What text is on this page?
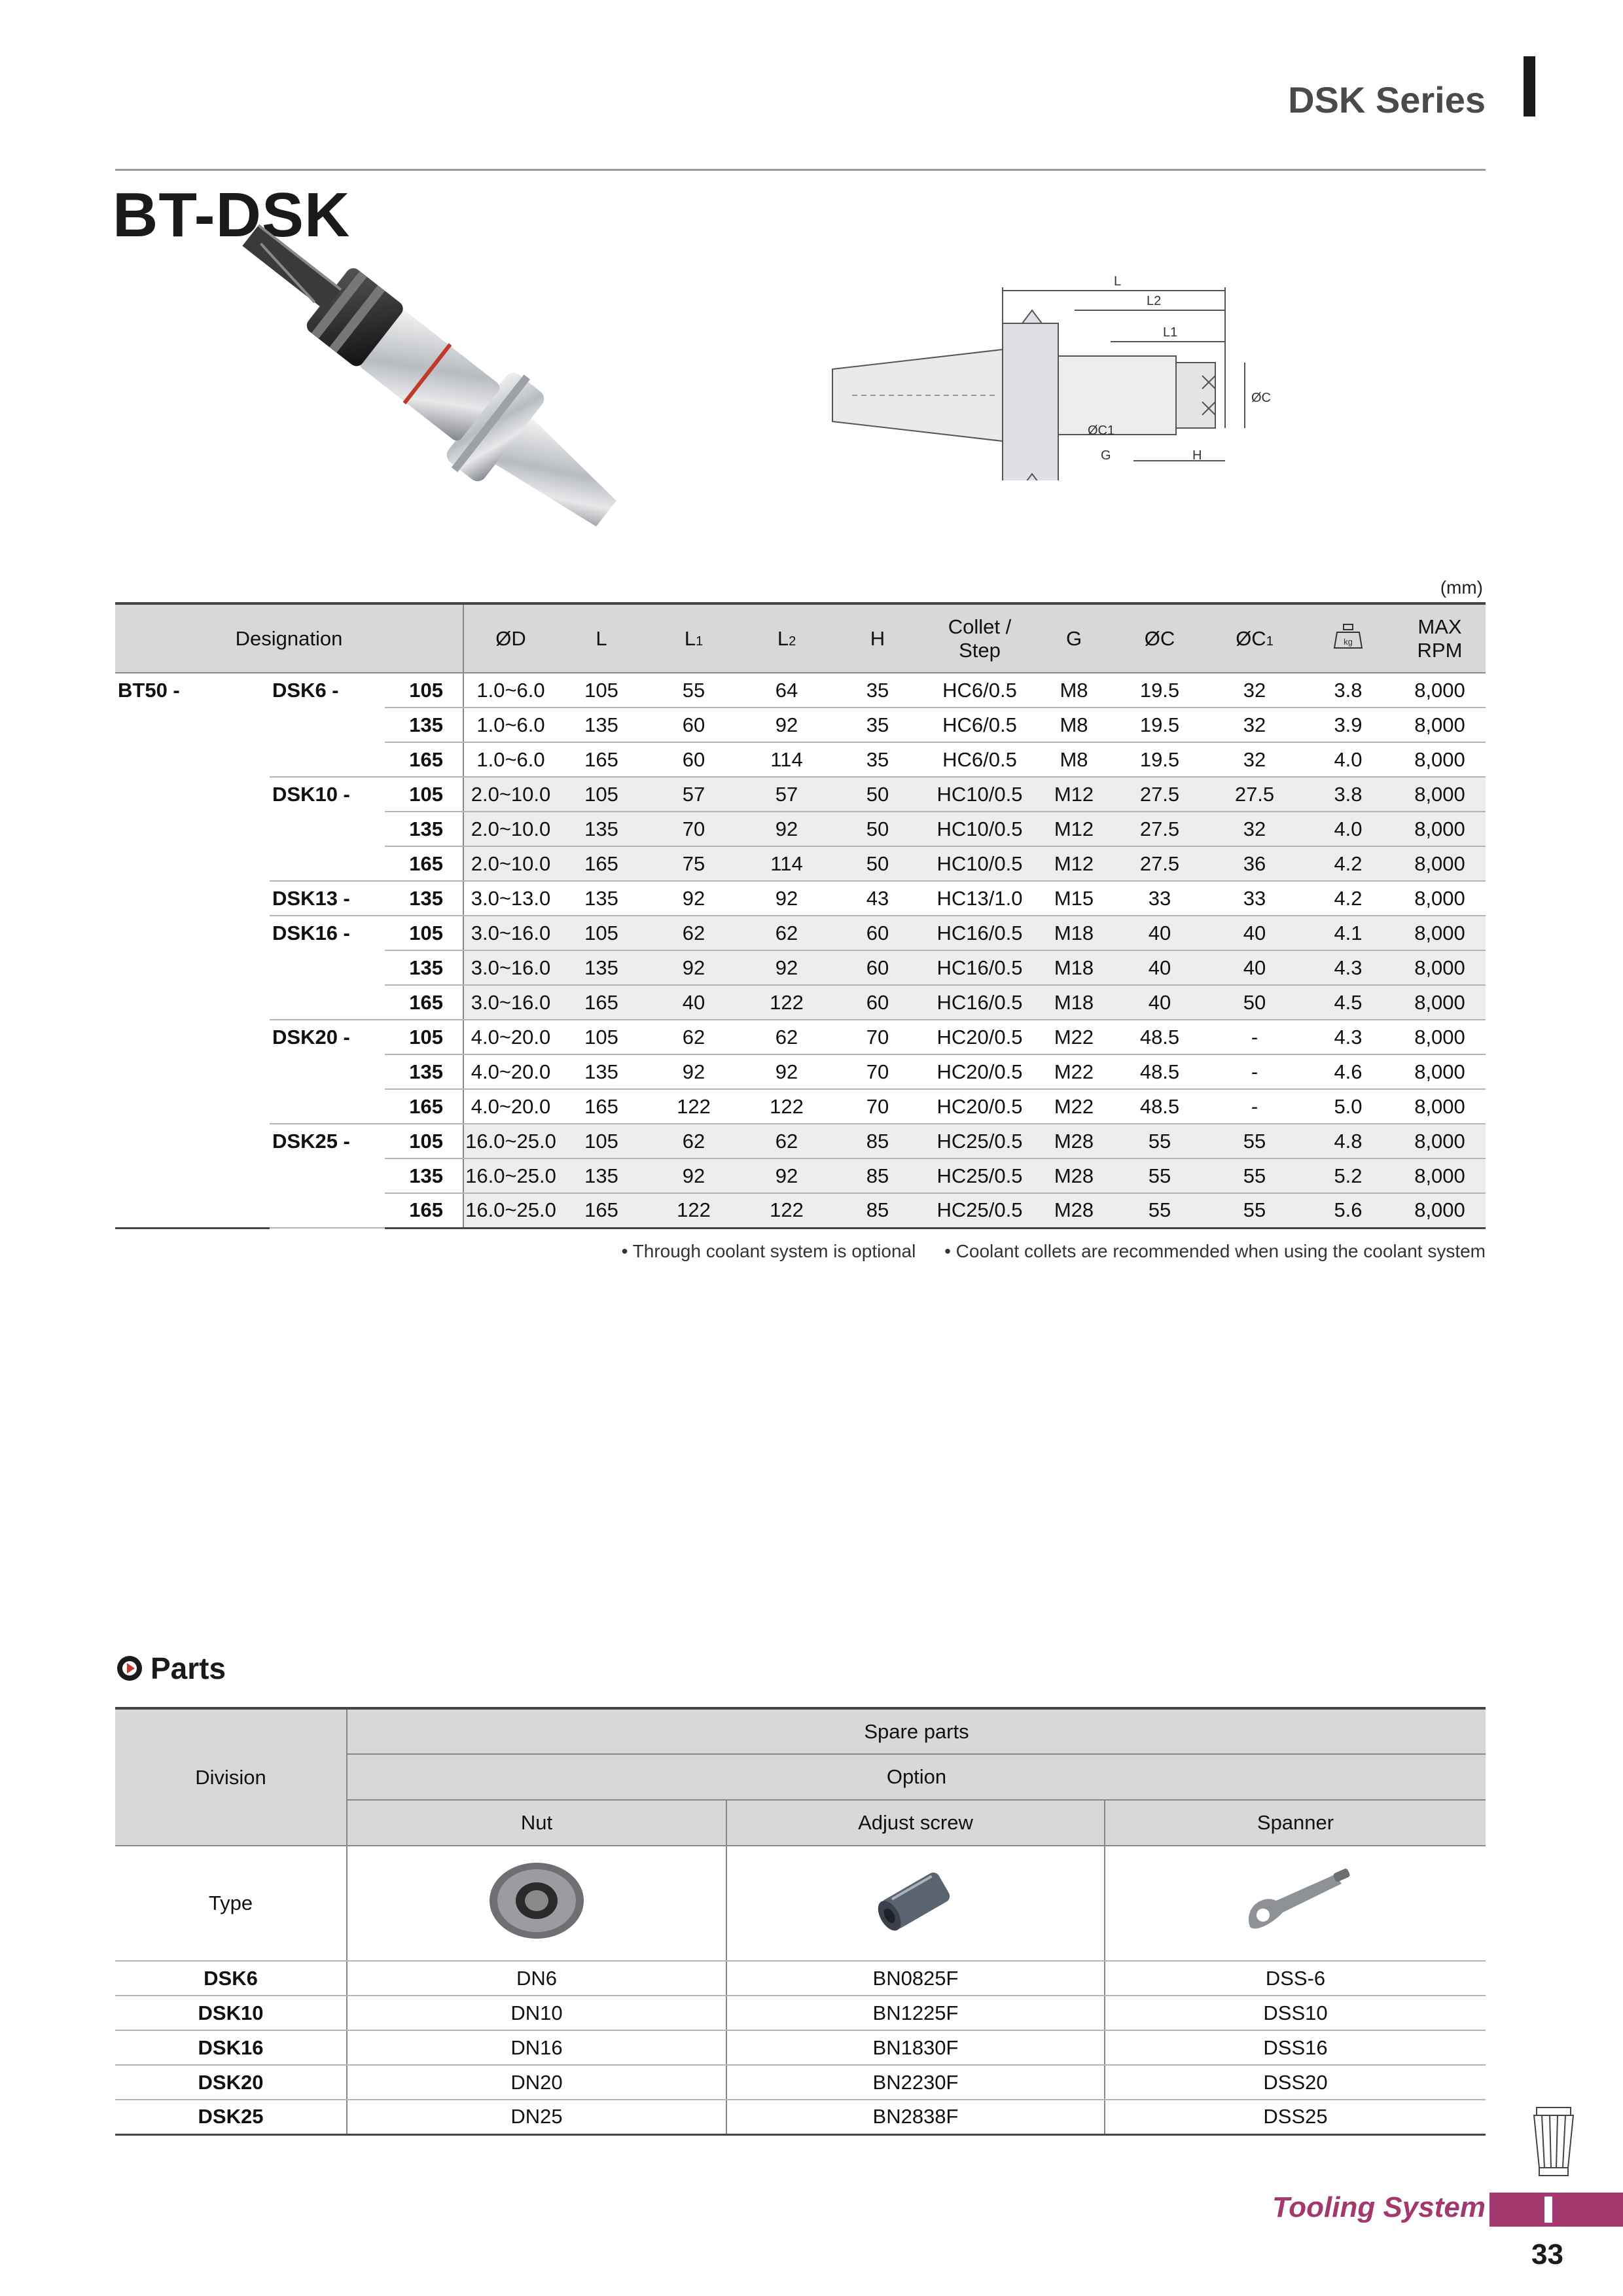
DSK Series
BT-DSK
L
L2
L1
ØC
ØC1
G	H
(mm)
Designation			ØD	L	L1	L2	H	Collet /
Step	G	ØC	ØC1	kg	MAX
RPM
BT50 -	DSK6 -	105	1.0~6.0	105	55	64	35	HC6/0.5	M8	19.5	32	3.8	8,000
		135	1.0~6.0	135	60	92	35	HC6/0.5	M8	19.5	32	3.9	8,000
		165	1.0~6.0	165	60	114	35	HC6/0.5	M8	19.5	32	4.0	8,000
	DSK10 -	105	2.0~10.0	105	57	57	50	HC10/0.5	M12	27.5	27.5	3.8	8,000
		135	2.0~10.0	135	70	92	50	HC10/0.5	M12	27.5	32	4.0	8,000
		165	2.0~10.0	165	75	114	50	HC10/0.5	M12	27.5	36	4.2	8,000
	DSK13 -	135	3.0~13.0	135	92	92	43	HC13/1.0	M15	33	33	4.2	8,000
	DSK16 -	105	3.0~16.0	105	62	62	60	HC16/0.5	M18	40	40	4.1	8,000
		135	3.0~16.0	135	92	92	60	HC16/0.5	M18	40	40	4.3	8,000
		165	3.0~16.0	165	40	122	60	HC16/0.5	M18	40	50	4.5	8,000
	DSK20 -	105	4.0~20.0	105	62	62	70	HC20/0.5	M22	48.5	-	4.3	8,000
		135	4.0~20.0	135	92	92	70	HC20/0.5	M22	48.5	-	4.6	8,000
		165	4.0~20.0	165	122	122	70	HC20/0.5	M22	48.5	-	5.0	8,000
	DSK25 -	105	16.0~25.0	105	62	62	85	HC25/0.5	M28	55	55	4.8	8,000
		135	16.0~25.0	135	92	92	85	HC25/0.5	M28	55	55	5.2	8,000
		165	16.0~25.0	165	122	122	85	HC25/0.5	M28	55	55	5.6	8,000
• Through coolant system is optional • Coolant collets are recommended when using the coolant system
Parts
Division	Spare parts		
	Option		
	Nut	Adjust screw	Spanner
Type			
DSK6	DN6	BN0825F	DSS-6
DSK10	DN10	BN1225F	DSS10
DSK16	DN16	BN1830F	DSS16
DSK20	DN20	BN2230F	DSS20
DSK25	DN25	BN2838F	DSS25
Tooling System
33
